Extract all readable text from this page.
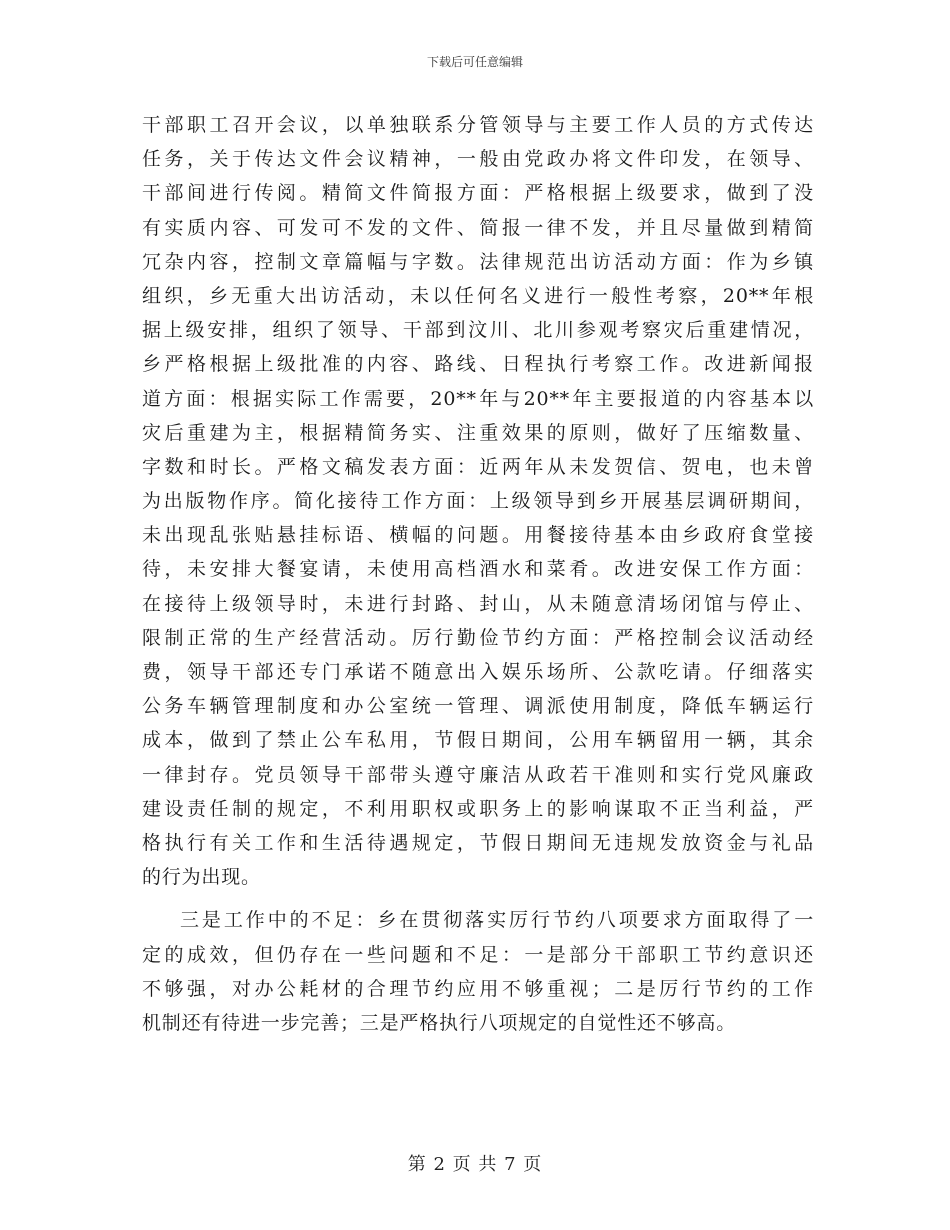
下载后可任意编辑
干部职工召开会议，以单独联系分管领导与主要工作人员的方式传达
任务，关于传达文件会议精神，一般由党政办将文件印发，在领导、
干部间进行传阅。精简文件简报方面：严格根据上级要求，做到了没
有实质内容、可发可不发的文件、简报一律不发，并且尽量做到精简
冗杂内容，控制文章篇幅与字数。法律规范出访活动方面：作为乡镇
组织，乡无重大出访活动，未以任何名义进行一般性考察，20**年根
据上级安排，组织了领导、干部到汶川、北川参观考察灾后重建情况，
乡严格根据上级批准的内容、路线、日程执行考察工作。改进新闻报
道方面：根据实际工作需要，20**年与20**年主要报道的内容基本以
灾后重建为主，根据精简务实、注重效果的原则，做好了压缩数量、
字数和时长。严格文稿发表方面：近两年从未发贺信、贺电，也未曾
为出版物作序。简化接待工作方面：上级领导到乡开展基层调研期间，
未出现乱张贴悬挂标语、横幅的问题。用餐接待基本由乡政府食堂接
待，未安排大餐宴请，未使用高档酒水和菜肴。改进安保工作方面：
在接待上级领导时，未进行封路、封山，从未随意清场闭馆与停止、
限制正常的生产经营活动。厉行勤俭节约方面：严格控制会议活动经
费，领导干部还专门承诺不随意出入娱乐场所、公款吃请。仔细落实
公务车辆管理制度和办公室统一管理、调派使用制度，降低车辆运行
成本，做到了禁止公车私用，节假日期间，公用车辆留用一辆，其余
一律封存。党员领导干部带头遵守廉洁从政若干准则和实行党风廉政
建设责任制的规定，不利用职权或职务上的影响谋取不正当利益，严
格执行有关工作和生活待遇规定，节假日期间无违规发放资金与礼品
的行为出现。
三是工作中的不足：乡在贯彻落实厉行节约八项要求方面取得了一
定的成效，但仍存在一些问题和不足：一是部分干部职工节约意识还
不够强，对办公耗材的合理节约应用不够重视；二是厉行节约的工作
机制还有待进一步完善；三是严格执行八项规定的自觉性还不够高。
第 2 页 共 7 页
